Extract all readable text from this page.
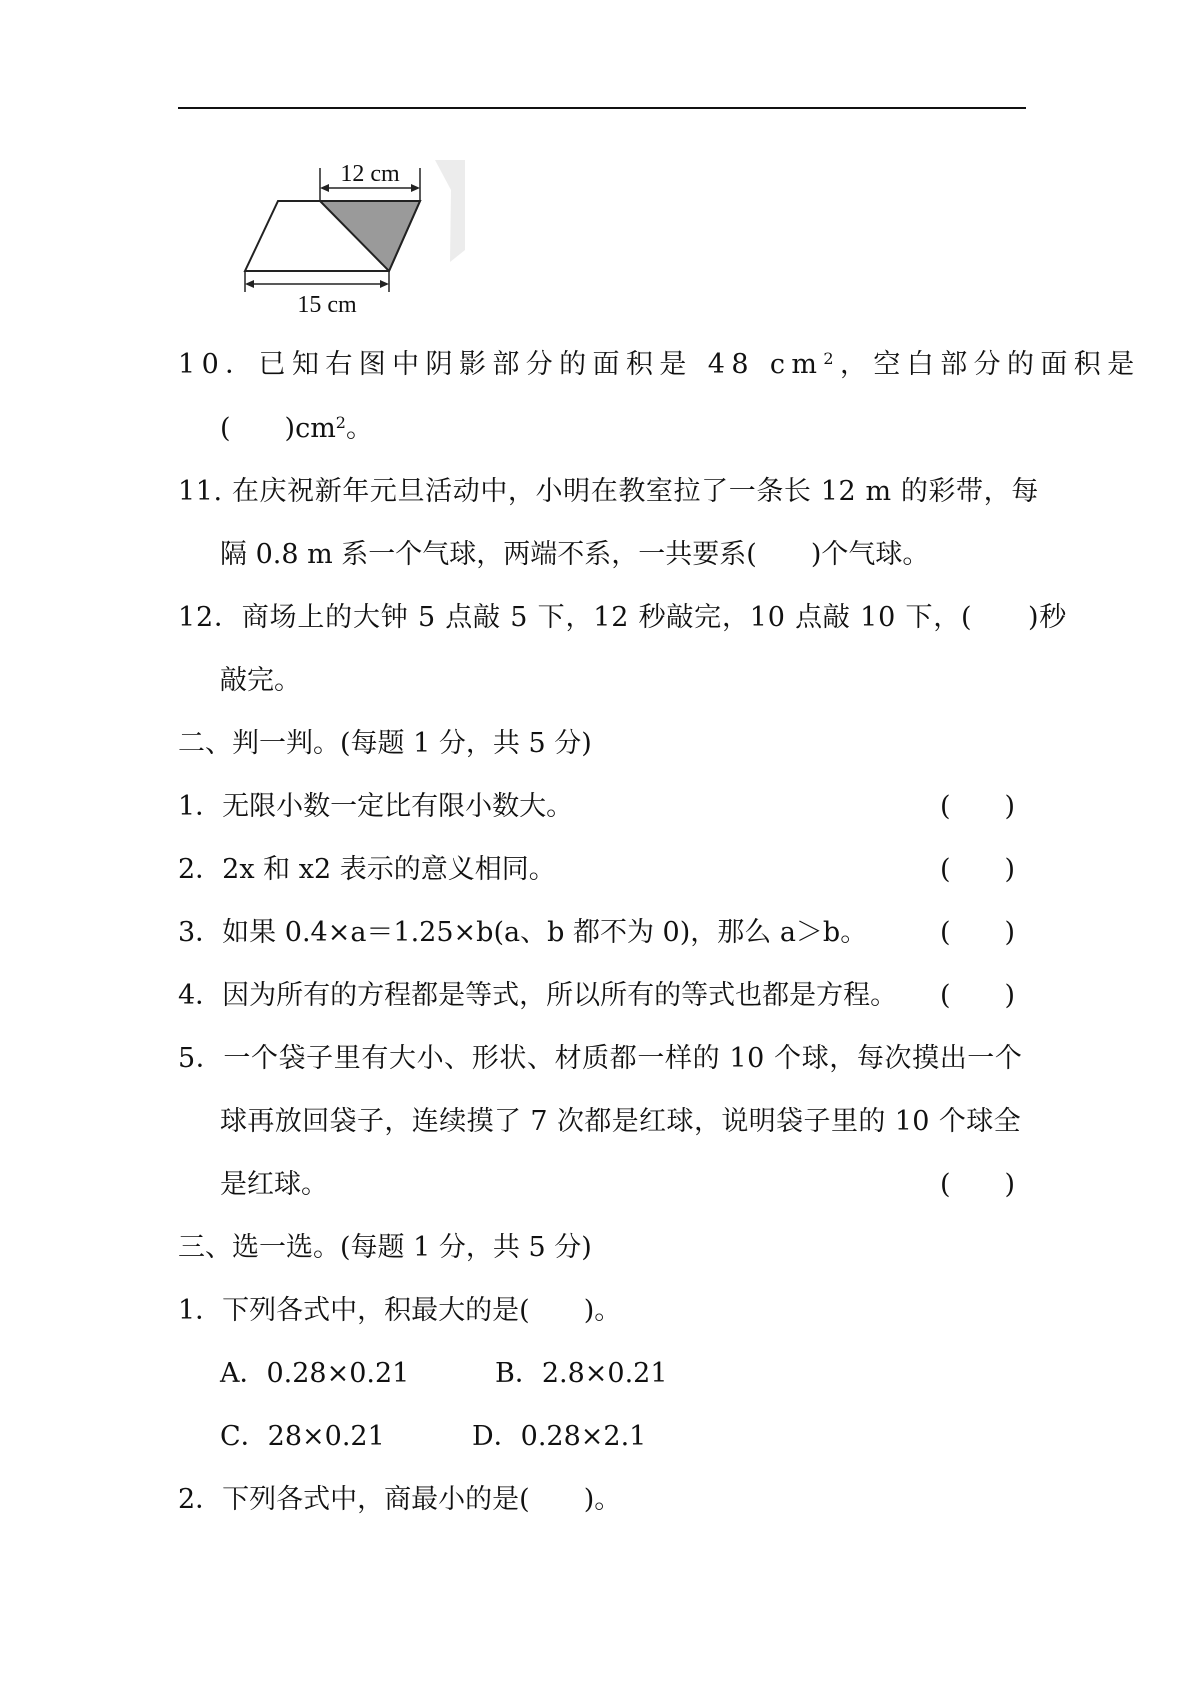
12 cm
15 cm
10．已知右图中阴影部分的面积是 48 $cm^2$，空白部分的面积是
(　　)$cm^2$。
11. 在庆祝新年元旦活动中，小明在教室拉了一条长 12 m 的彩带，每
隔 0.8 m 系一个气球，两端不系，一共要系(　　)个气球。
12．商场上的大钟 5 点敲 5 下，12 秒敲完，10 点敲 10 下，(　　)秒
敲完。
二、判一判。(每题 1 分，共 5 分)
1．无限小数一定比有限小数大。	(　　)
2．2x 和 x2 表示的意义相同。	(　　)
3．如果 0.4×a＝1.25×b(a、b 都不为 0)，那么 a＞b。	(　　)
4．因为所有的方程都是等式，所以所有的等式也都是方程。 (　　)
5．一个袋子里有大小、形状、材质都一样的 10 个球，每次摸出一个
球再放回袋子，连续摸了 7 次都是红球，说明袋子里的 10 个球全
是红球。	(　　)
三、选一选。(每题 1 分，共 5 分)
1．下列各式中，积最大的是(　　)。
A．0.28×0.21	B．2.8×0.21
C．28×0.21	D．0.28×2.1
2．下列各式中，商最小的是(　　)。
